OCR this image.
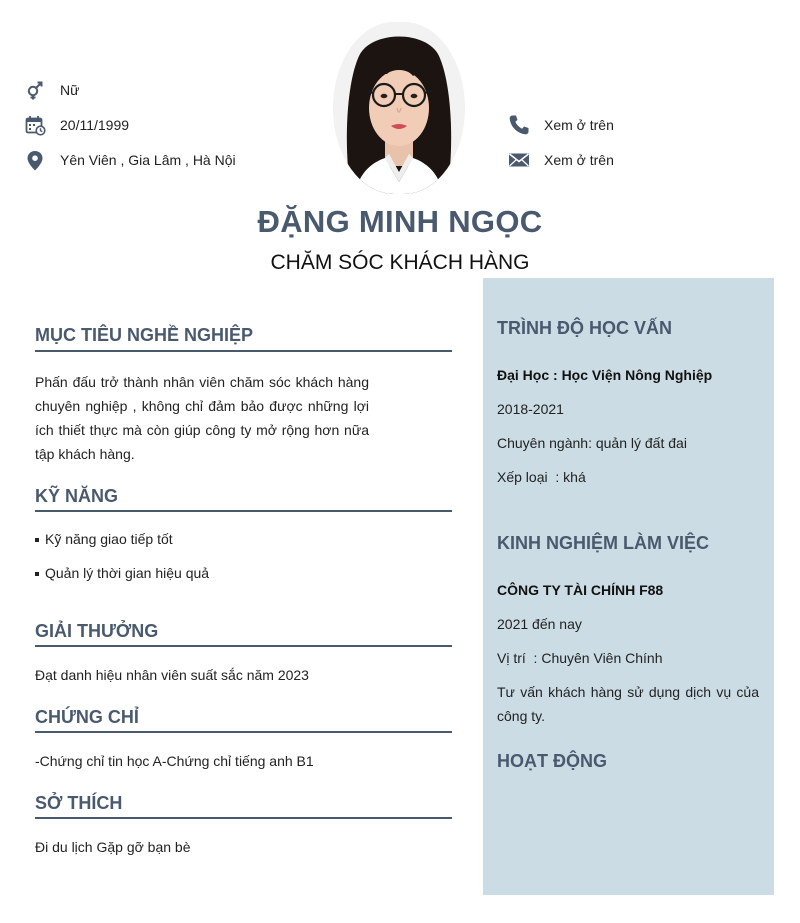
Nữ
20/11/1999
Yên Viên , Gia Lâm , Hà Nội
Xem ở trên
Xem ở trên
ĐẶNG MINH NGỌC
CHĂM SÓC KHÁCH HÀNG
MỤC TIÊU NGHỀ NGHIỆP
Phấn đấu trở thành nhân viên chăm sóc khách hàng chuyên nghiệp , không chỉ đảm bảo được những lợi ích thiết thực mà còn giúp công ty mở rộng hơn nữa tập khách hàng.
KỸ NĂNG
Kỹ năng giao tiếp tốt
Quản lý thời gian hiệu quả
GIẢI THƯỞNG
Đạt danh hiệu nhân viên suất sắc năm 2023
CHỨNG CHỈ
-Chứng chỉ tin học A-Chứng chỉ tiếng anh B1
SỞ THÍCH
Đi du lịch Gặp gỡ bạn bè
TRÌNH ĐỘ HỌC VẤN
Đại Học : Học Viện Nông Nghiệp
2018-2021
Chuyên ngành: quản lý đất đai
Xếp loại  : khá
KINH NGHIỆM LÀM VIỆC
CÔNG TY TÀI CHÍNH F88
2021 đến nay
Vị trí  : Chuyên Viên Chính
Tư vấn khách hàng sử dụng dịch vụ của công ty.
HOẠT ĐỘNG
